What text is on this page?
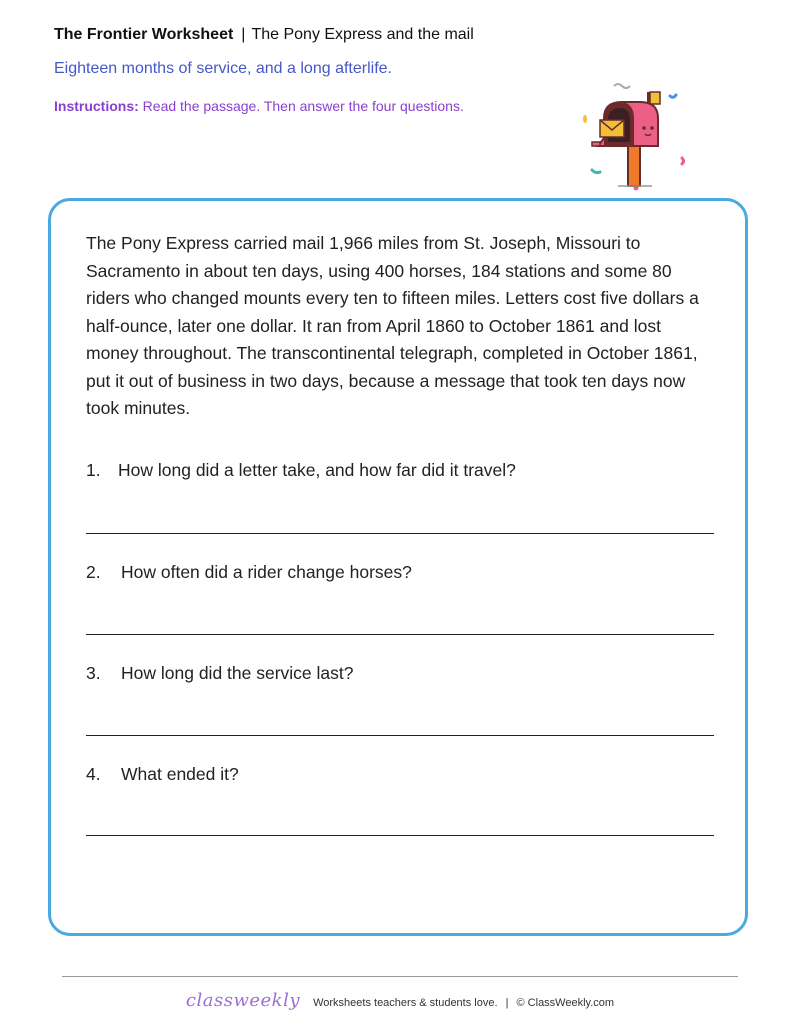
The Frontier Worksheet | The Pony Express and the mail
Eighteen months of service, and a long afterlife.
Instructions: Read the passage. Then answer the four questions.

The Pony Express carried mail 1,966 miles from St. Joseph, Missouri to Sacramento in about ten days, using 400 horses, 184 stations and some 80 riders who changed mounts every ten to fifteen miles. Letters cost five dollars a half-ounce, later one dollar. It ran from April 1860 to October 1861 and lost money throughout. The transcontinental telegraph, completed in October 1861, put it out of business in two days, because a message that took ten days now took minutes.

1. How long did a letter take, and how far did it travel?
2. How often did a rider change horses?
3. How long did the service last?
4. What ended it?
classweekly Worksheets teachers & students love. | © ClassWeekly.com
